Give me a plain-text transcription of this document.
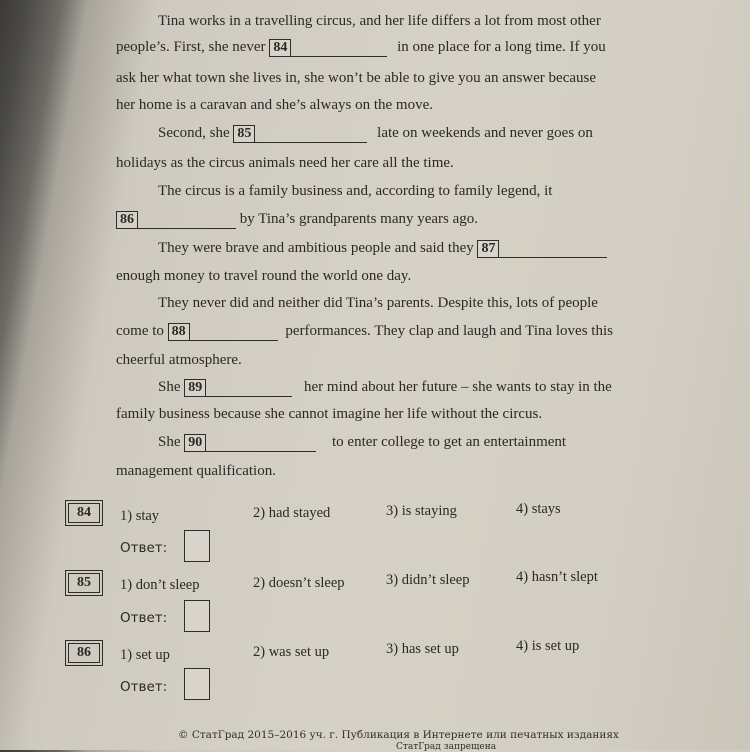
Tina works in a travelling circus, and her life differs a lot from most other
people’s. First, she never 84	in one place for a long time. If you
ask her what town she lives in, she won’t be able to give you an answer because
her home is a caravan and she’s always on the move.
Second, she 85	late on weekends and never goes on
holidays as the circus animals need her care all the time.
The circus is a family business and, according to family legend, it
86	by Tina’s grandparents many years ago.
They were brave and ambitious people and said they 87
enough money to travel round the world one day.
They never did and neither did Tina’s parents. Despite this, lots of people
come to 88	performances. They clap and laugh and Tina loves this
cheerful atmosphere.
She 89	her mind about her future – she wants to stay in the
family business because she cannot imagine her life without the circus.
She 90	to enter college to get an entertainment
management qualification.
84	1) stay	2) had stayed	3) is staying	4) stays
Ответ:
85	1) don’t sleep	2) doesn’t sleep	3) didn’t sleep	4) hasn’t slept
Ответ:
86	1) set up	2) was set up	3) has set up	4) is set up
Ответ:
© СтатГрад 2015–2016 уч. г. Публикация в Интернете или печатных изданиях
СтатГрад запрещена
